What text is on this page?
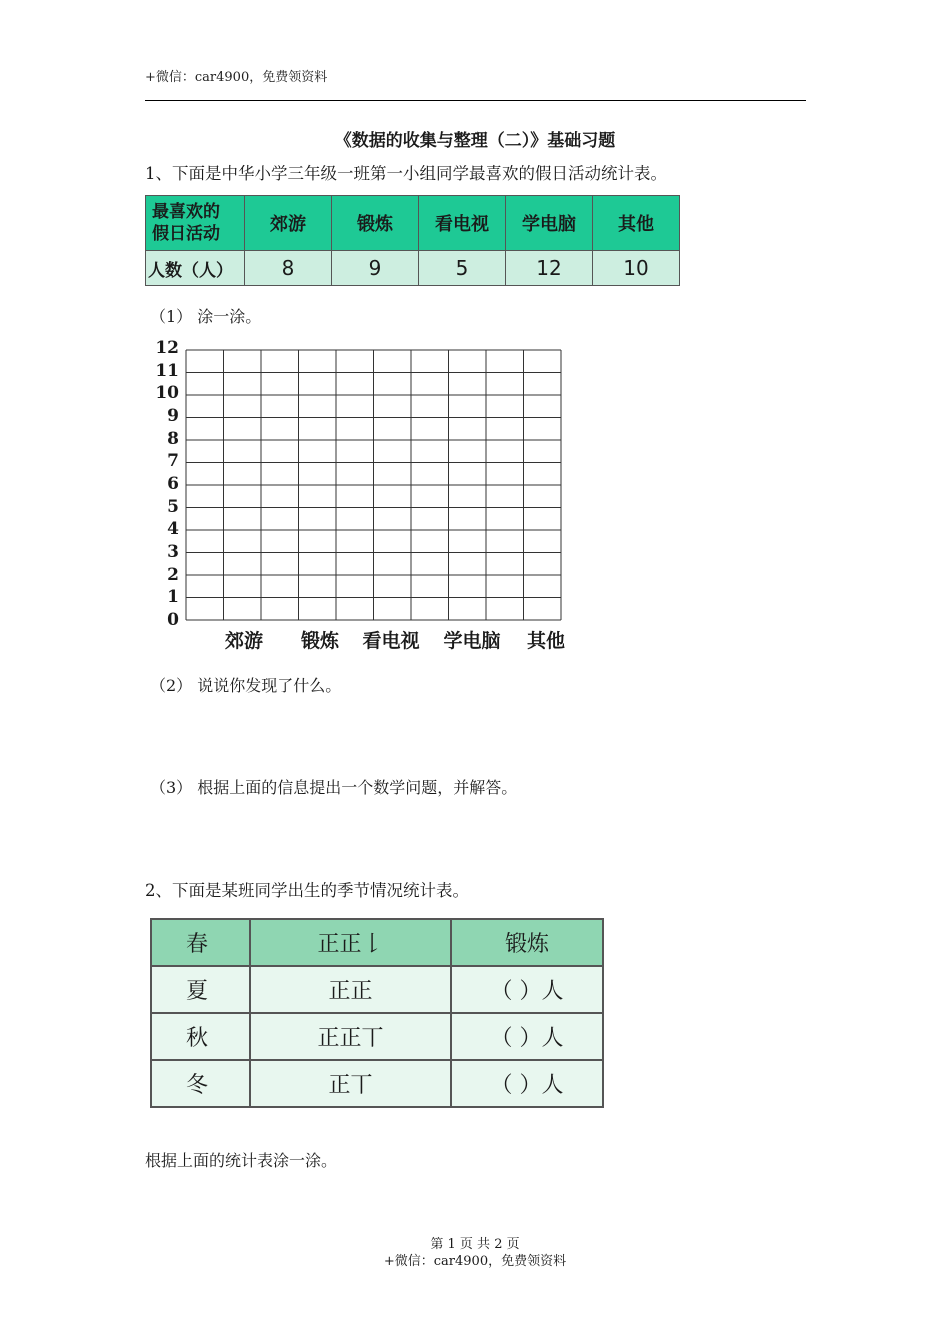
+微信：car4900，免费领资料
《数据的收集与整理（二）》基础习题
1、下面是中华小学三年级一班第一小组同学最喜欢的假日活动统计表。
最喜欢的
假日活动	郊游	锻炼	看电视	学电脑	其他
人数（人）	8	9	5	12	10
（1） 涂一涂。
12
11
10
9
8
7
6
5
4
3
2
1
0
郊游	锻炼	看电视	学电脑	其他
（2） 说说你发现了什么。
（3） 根据上面的信息提出一个数学问题，并解答。
2、下面是某班同学出生的季节情况统计表。
春	正正𠄌	锻炼
夏	正正	（ ）人
秋	正正丅	（ ）人
冬	正丅	（ ）人
根据上面的统计表涂一涂。
第 1 页 共 2 页
+微信：car4900，免费领资料
